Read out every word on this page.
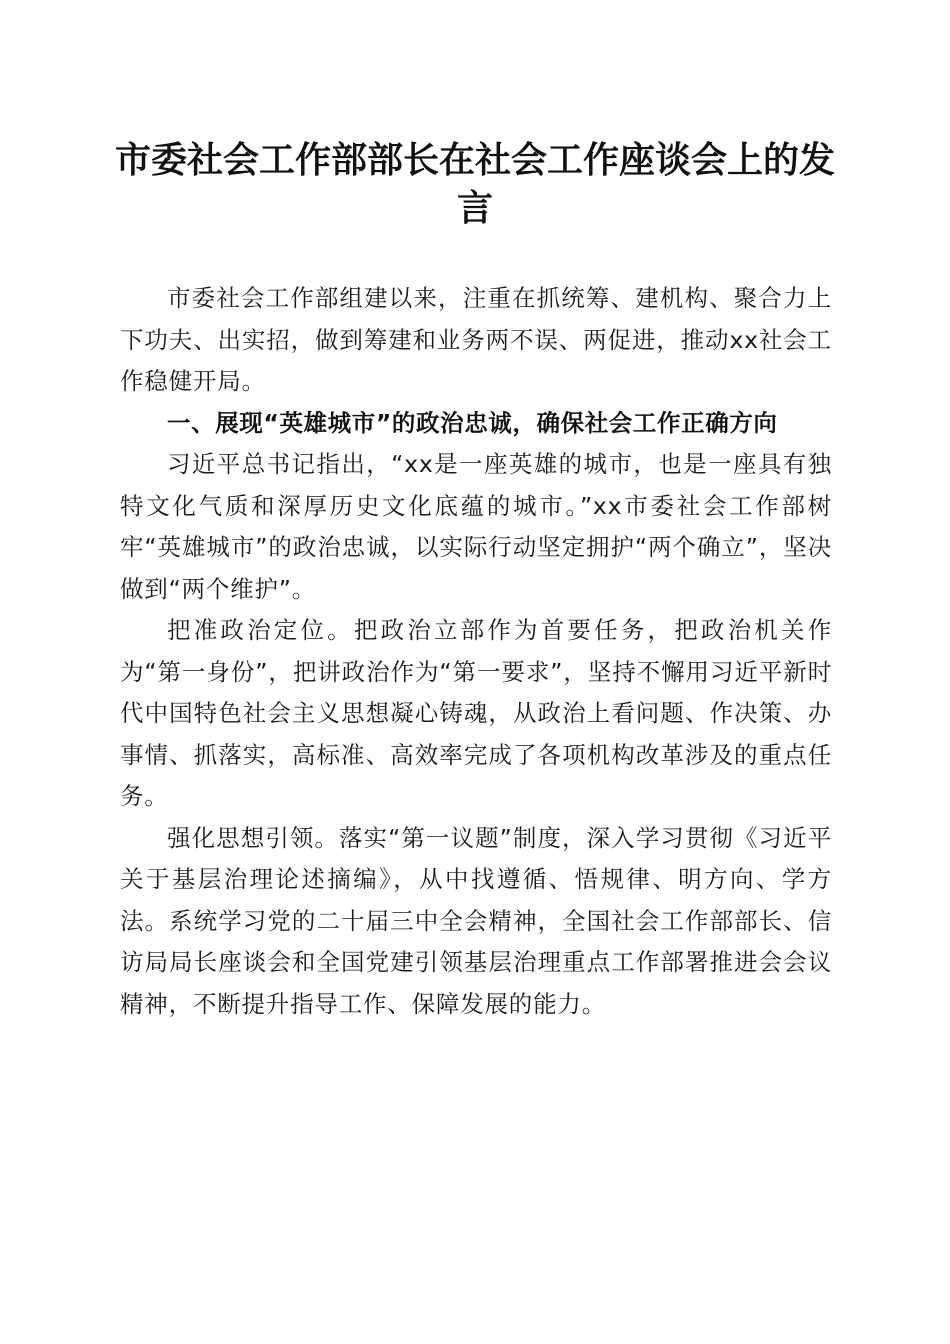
市委社会工作部部长在社会工作座谈会上的发言

市委社会工作部组建以来，注重在抓统筹、建机构、聚合力上下功夫、出实招，做到筹建和业务两不误、两促进，推动xx社会工作稳健开局。

一、展现“英雄城市”的政治忠诚，确保社会工作正确方向

习近平总书记指出，“xx是一座英雄的城市，也是一座具有独特文化气质和深厚历史文化底蕴的城市。”xx市委社会工作部树牢“英雄城市”的政治忠诚，以实际行动坚定拥护“两个确立”，坚决做到“两个维护”。

把准政治定位。把政治立部作为首要任务，把政治机关作为“第一身份”，把讲政治作为“第一要求”，坚持不懈用习近平新时代中国特色社会主义思想凝心铸魂，从政治上看问题、作决策、办事情、抓落实，高标准、高效率完成了各项机构改革涉及的重点任务。

强化思想引领。落实“第一议题”制度，深入学习贯彻《习近平关于基层治理论述摘编》，从中找遵循、悟规律、明方向、学方法。系统学习党的二十届三中全会精神，全国社会工作部部长、信访局局长座谈会和全国党建引领基层治理重点工作部署推进会会议精神，不断提升指导工作、保障发展的能力。
